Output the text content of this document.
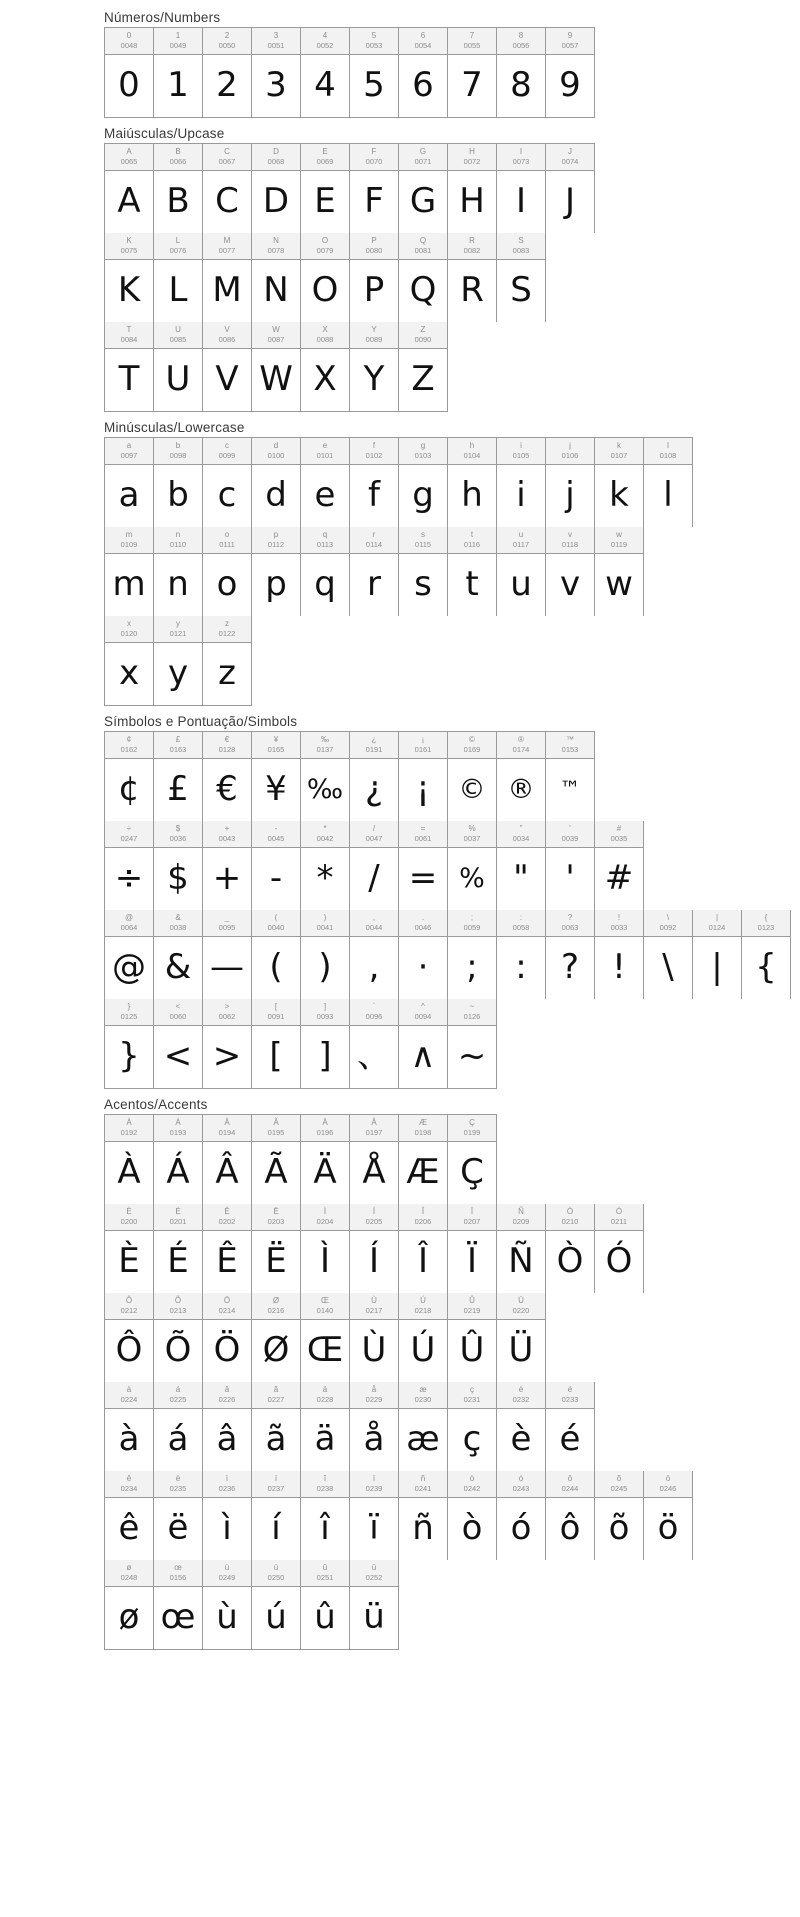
Números/Numbers
0
0048
0
1
0049
1
2
0050
2
3
0051
3
4
0052
4
5
0053
5
6
0054
6
7
0055
7
8
0056
8
9
0057
9
Maiúsculas/Upcase
A
0065
A
B
0066
B
C
0067
C
D
0068
D
E
0069
E
F
0070
F
G
0071
G
H
0072
H
I
0073
I
J
0074
J
K
0075
K
L
0076
L
M
0077
M
N
0078
N
O
0079
O
P
0080
P
Q
0081
Q
R
0082
R
S
0083
S
T
0084
T
U
0085
U
V
0086
V
W
0087
W
X
0088
X
Y
0089
Y
Z
0090
Z
Minúsculas/Lowercase
a
0097
a
b
0098
b
c
0099
c
d
0100
d
e
0101
e
f
0102
f
g
0103
g
h
0104
h
i
0105
i
j
0106
j
k
0107
k
l
0108
l
m
0109
m
n
0110
n
o
0111
o
p
0112
p
q
0113
q
r
0114
r
s
0115
s
t
0116
t
u
0117
u
v
0118
v
w
0119
w
x
0120
x
y
0121
y
z
0122
z
Símbolos e Pontuação/Simbols
¢
0162
¢
£
0163
£
€
0128
€
¥
0165
¥
‰
0137
‰
¿
0191
¿
¡
0161
¡
©
0169
©
®
0174
®
™
0153
™
÷
0247
÷
$
0036
$
+
0043
+
-
0045
-
*
0042
*
/
0047
/
=
0061
=
%
0037
%
"
0034
"
'
0039
'
#
0035
#
@
0064
@
&
0038
&
_
0095
—
(
0040
(
)
0041
)
,
0044
,
.
0046
·
;
0059
;
:
0058
:
?
0063
?
!
0033
!
\
0092
\
|
0124
|
{
0123
{
}
0125
}
<
0060
<
>
0062
>
[
0091
[
]
0093
]
`
0096
、
^
0094
∧
~
0126
~
Acentos/Accents
À
0192
À
Á
0193
Á
Â
0194
Â
Ã
0195
Ã
Ä
0196
Ä
Å
0197
Å
Æ
0198
Æ
Ç
0199
Ç
È
0200
È
É
0201
É
Ê
0202
Ê
Ë
0203
Ë
Ì
0204
Ì
Í
0205
Í
Î
0206
Î
Ï
0207
Ï
Ñ
0209
Ñ
Ò
0210
Ò
Ó
0211
Ó
Ô
0212
Ô
Õ
0213
Õ
Ö
0214
Ö
Ø
0216
Ø
Œ
0140
Œ
Ù
0217
Ù
Ú
0218
Ú
Û
0219
Û
Ü
0220
Ü
à
0224
à
á
0225
á
â
0226
â
ã
0227
ã
ä
0228
ä
å
0229
å
æ
0230
æ
ç
0231
ç
è
0232
è
é
0233
é
ê
0234
ê
ë
0235
ë
ì
0236
ì
í
0237
í
î
0238
î
ï
0239
ï
ñ
0241
ñ
ò
0242
ò
ó
0243
ó
ô
0244
ô
õ
0245
õ
ö
0246
ö
ø
0248
ø
œ
0156
œ
ù
0249
ù
ú
0250
ú
û
0251
û
ü
0252
ü
